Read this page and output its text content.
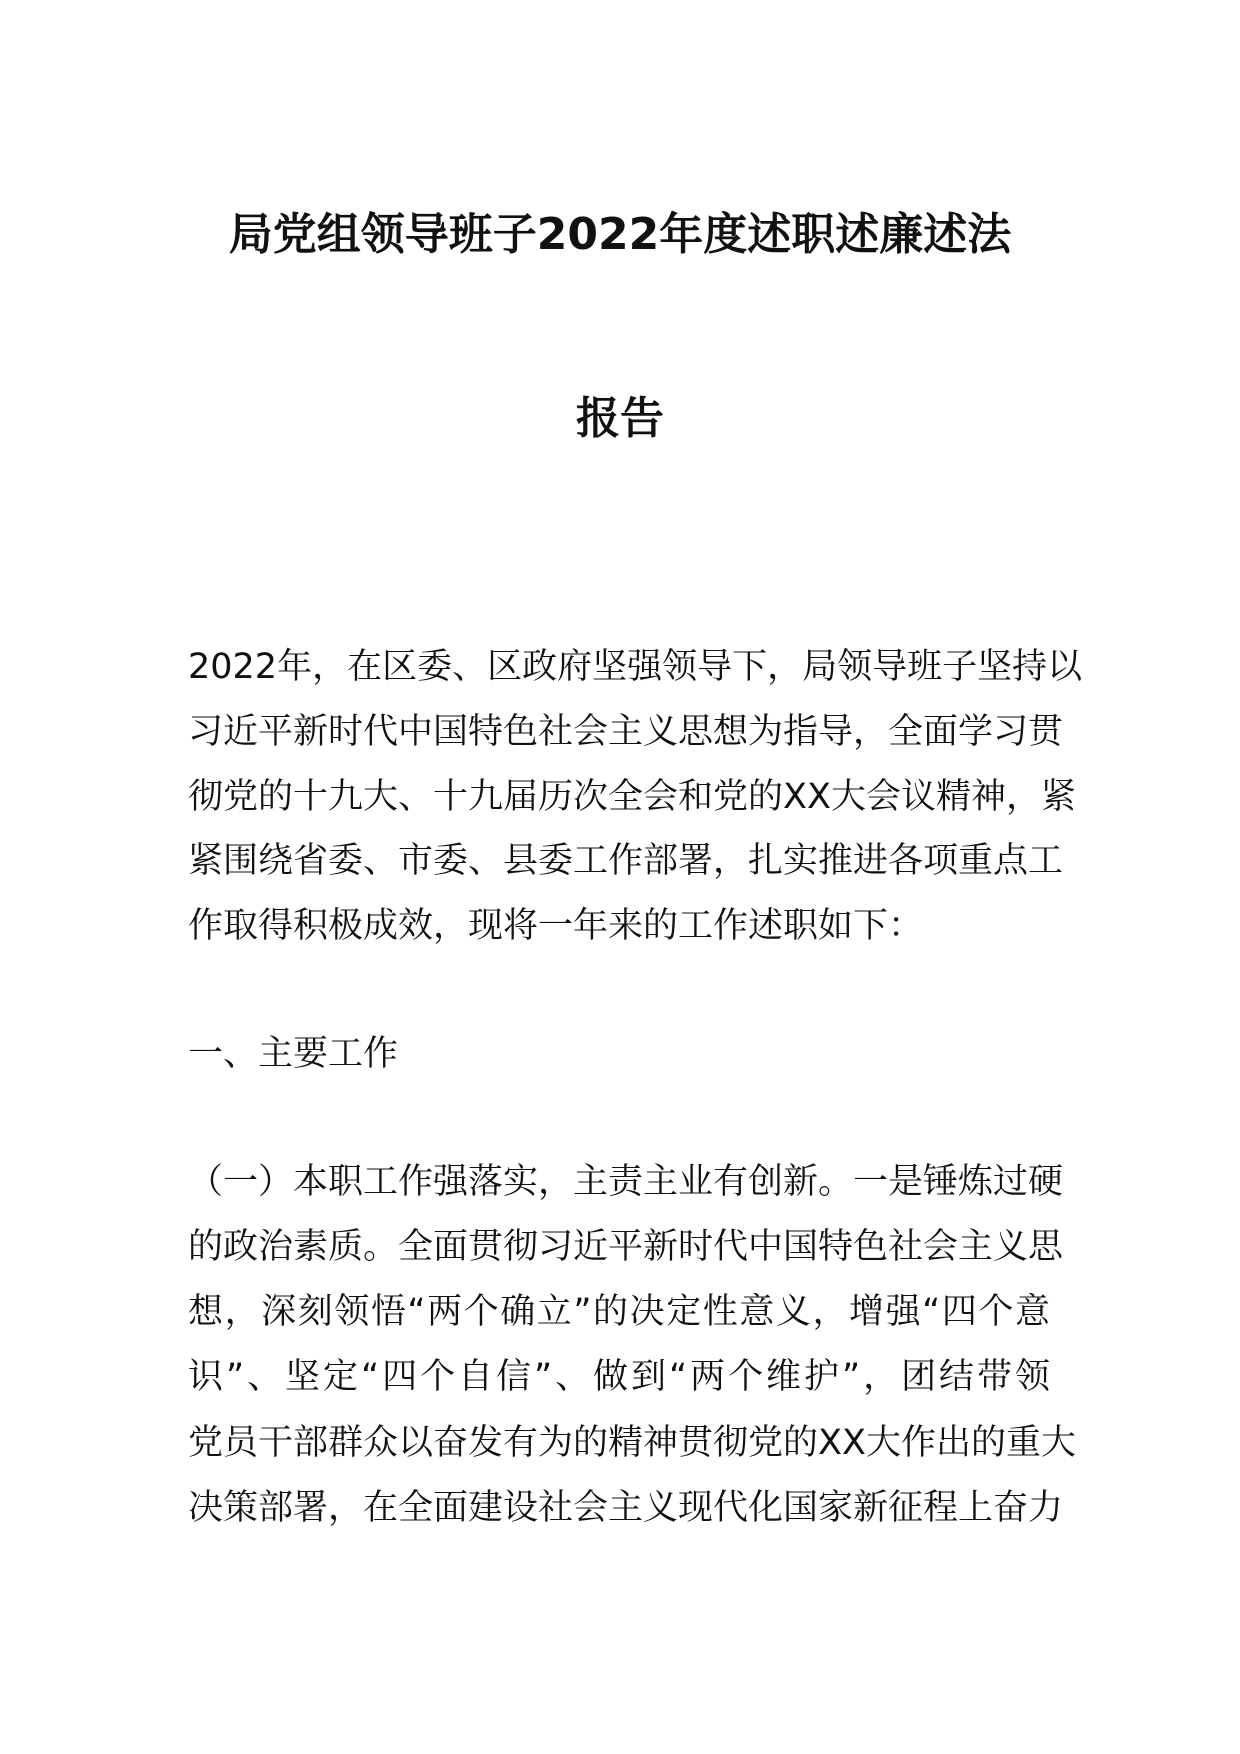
局党组领导班子2022年度述职述廉述法
报告
2022年，在区委、区政府坚强领导下，局领导班子坚持以
习近平新时代中国特色社会主义思想为指导，全面学习贯
彻党的十九大、十九届历次全会和党的XX大会议精神，紧
紧围绕省委、市委、县委工作部署，扎实推进各项重点工
作取得积极成效，现将一年来的工作述职如下：
一、主要工作
（一）本职工作强落实，主责主业有创新。一是锤炼过硬
的政治素质。全面贯彻习近平新时代中国特色社会主义思
想，深刻领悟“两个确立”的决定性意义，增强“四个意
识”、坚定“四个自信”、做到“两个维护”，团结带领
党员干部群众以奋发有为的精神贯彻党的XX大作出的重大
决策部署，在全面建设社会主义现代化国家新征程上奋力
